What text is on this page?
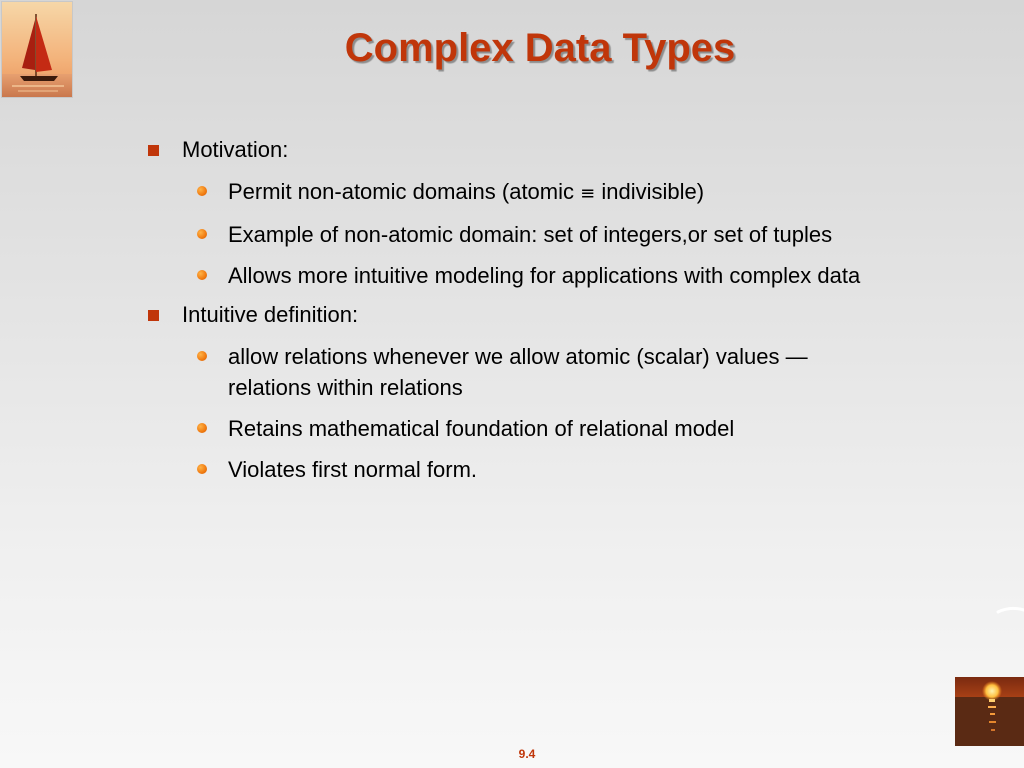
Complex Data Types
Motivation:
Permit non-atomic domains (atomic ≡ indivisible)
Example of non-atomic domain: set of integers,or set of tuples
Allows more intuitive modeling for applications with complex data
Intuitive definition:
allow relations whenever we allow atomic (scalar) values — relations within relations
Retains mathematical foundation of relational model
Violates first normal form.
9.4
